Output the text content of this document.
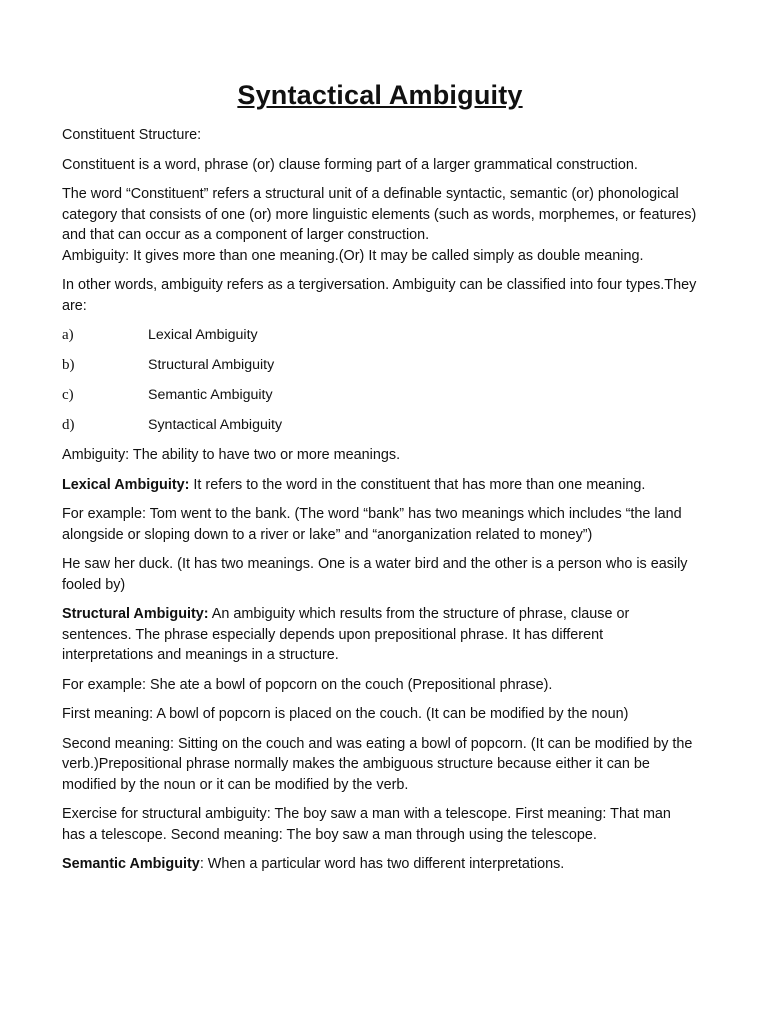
Syntactical Ambiguity
Constituent Structure:
Constituent is a word, phrase (or) clause forming part of a larger grammatical construction.
The word “Constituent” refers a structural unit of a definable syntactic, semantic (or) phonological category that consists of one (or) more linguistic elements (such as words, morphemes, or features) and that can occur as a component of larger construction.
Ambiguity: It gives more than one meaning.(Or) It may be called simply as double meaning.
In other words, ambiguity refers as a tergiversation. Ambiguity can be classified into four types.They are:
a)	Lexical Ambiguity
b)	Structural Ambiguity
c)	Semantic Ambiguity
d)	Syntactical Ambiguity
Ambiguity: The ability to have two or more meanings.
Lexical Ambiguity: It refers to the word in the constituent that has more than one meaning.
For example: Tom went to the bank. (The word “bank” has two meanings which includes “the land alongside or sloping down to a river or lake” and “anorganization related to money”)
He saw her duck. (It has two meanings. One is a water bird and the other is a person who is easily fooled by)
Structural Ambiguity: An ambiguity which results from the structure of phrase, clause or sentences. The phrase especially depends upon prepositional phrase. It has different interpretations and meanings in a structure.
For example: She ate a bowl of popcorn on the couch (Prepositional phrase).
First meaning: A bowl of popcorn is placed on the couch. (It can be modified by the noun)
Second meaning: Sitting on the couch and was eating a bowl of popcorn. (It can be modified by the verb.)Prepositional phrase normally makes the ambiguous structure because either it can be modified by the noun or it can be modified by the verb.
Exercise for structural ambiguity: The boy saw a man with a telescope. First meaning: That man has a telescope. Second meaning: The boy saw a man through using the telescope.
Semantic Ambiguity: When a particular word has two different interpretations.
